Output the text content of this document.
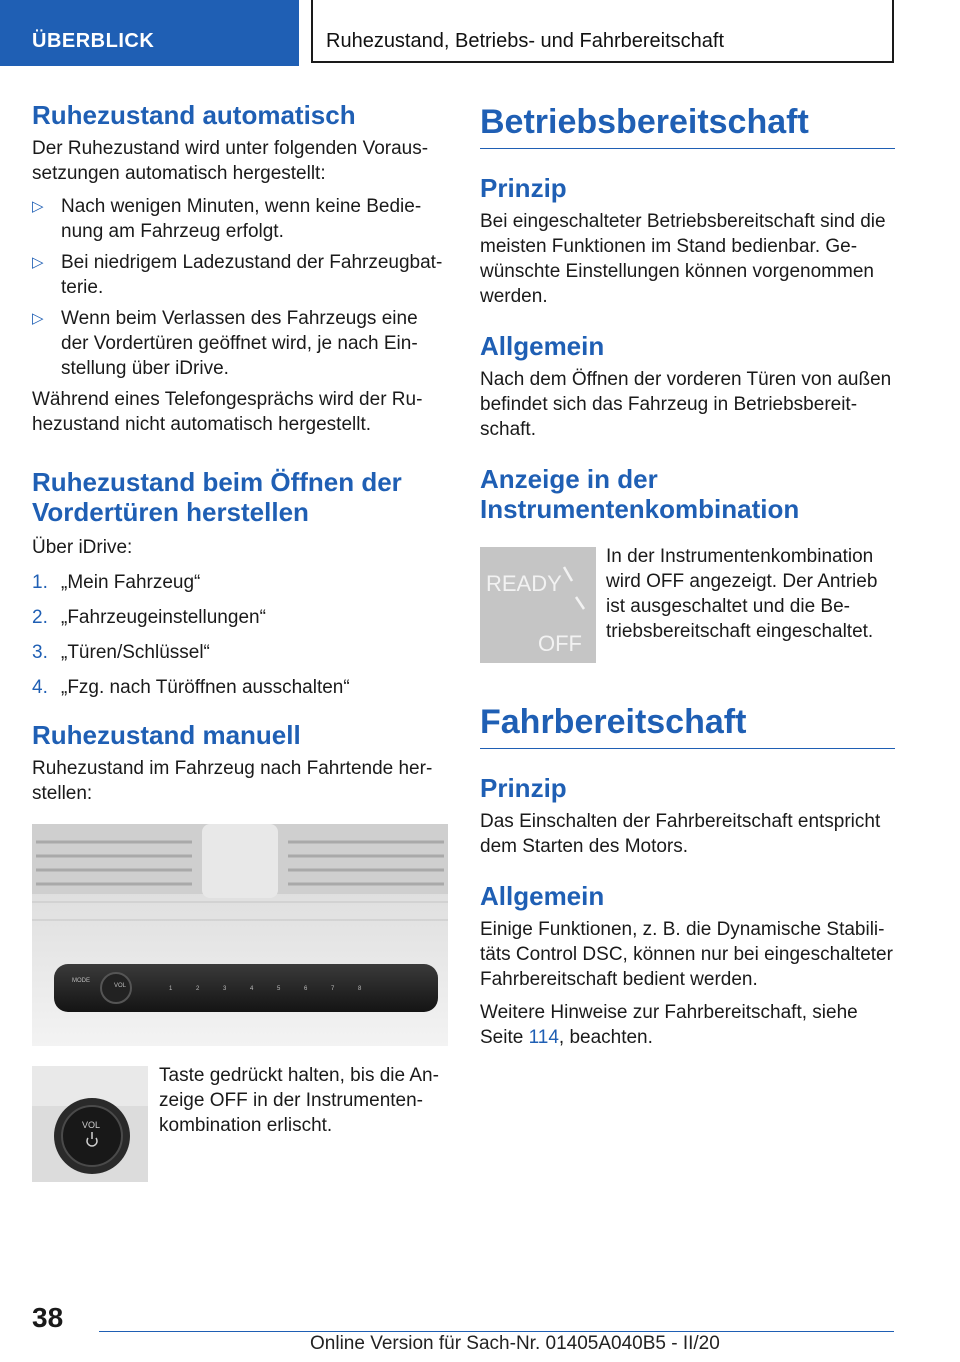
ÜBERBLICK	Ruhezustand, Betriebs- und Fahrbereitschaft
Ruhezustand automatisch

Der Ruhezustand wird unter folgenden Voraussetzungen automatisch hergestellt:

▷ Nach wenigen Minuten, wenn keine Bedienung am Fahrzeug erfolgt.
▷ Bei niedrigem Ladezustand der Fahrzeugbatterie.
▷ Wenn beim Verlassen des Fahrzeugs eine der Vordertüren geöffnet wird, je nach Einstellung über iDrive.

Während eines Telefongesprächs wird der Ruhezustand nicht automatisch hergestellt.

Ruhezustand beim Öffnen der Vordertüren herstellen

Über iDrive:

1. „Mein Fahrzeug“
2. „Fahrzeugeinstellungen“
3. „Türen/Schlüssel“
4. „Fzg. nach Türöffnen ausschalten“
Ruhezustand manuell

Ruhezustand im Fahrzeug nach Fahrtende herstellen:

MODE
VOL	1	2	3	4	5	6	7	8
VOL

Taste gedrückt halten, bis die Anzeige OFF in der Instrumentenkombination erlischt.

Betriebsbereitschaft
Prinzip

Bei eingeschalteter Betriebsbereitschaft sind die meisten Funktionen im Stand bedienbar. Gewünschte Einstellungen können vorgenommen werden.

Allgemein

Nach dem Öffnen der vorderen Türen von außen befindet sich das Fahrzeug in Betriebsbereitschaft.

Anzeige in der Instrumentenkombination
READY
OFF

In der Instrumentenkombination wird OFF angezeigt. Der Antrieb ist ausgeschaltet und die Betriebsbereitschaft eingeschaltet.

Fahrbereitschaft
Prinzip

Das Einschalten der Fahrbereitschaft entspricht dem Starten des Motors.

Allgemein

Einige Funktionen, z. B. die Dynamische Stabilitäts Control DSC, können nur bei eingeschalteter Fahrbereitschaft bedient werden.

Weitere Hinweise zur Fahrbereitschaft, siehe Seite 114, beachten.

38
Online Version für Sach-Nr. 01405A040B5 - II/20
